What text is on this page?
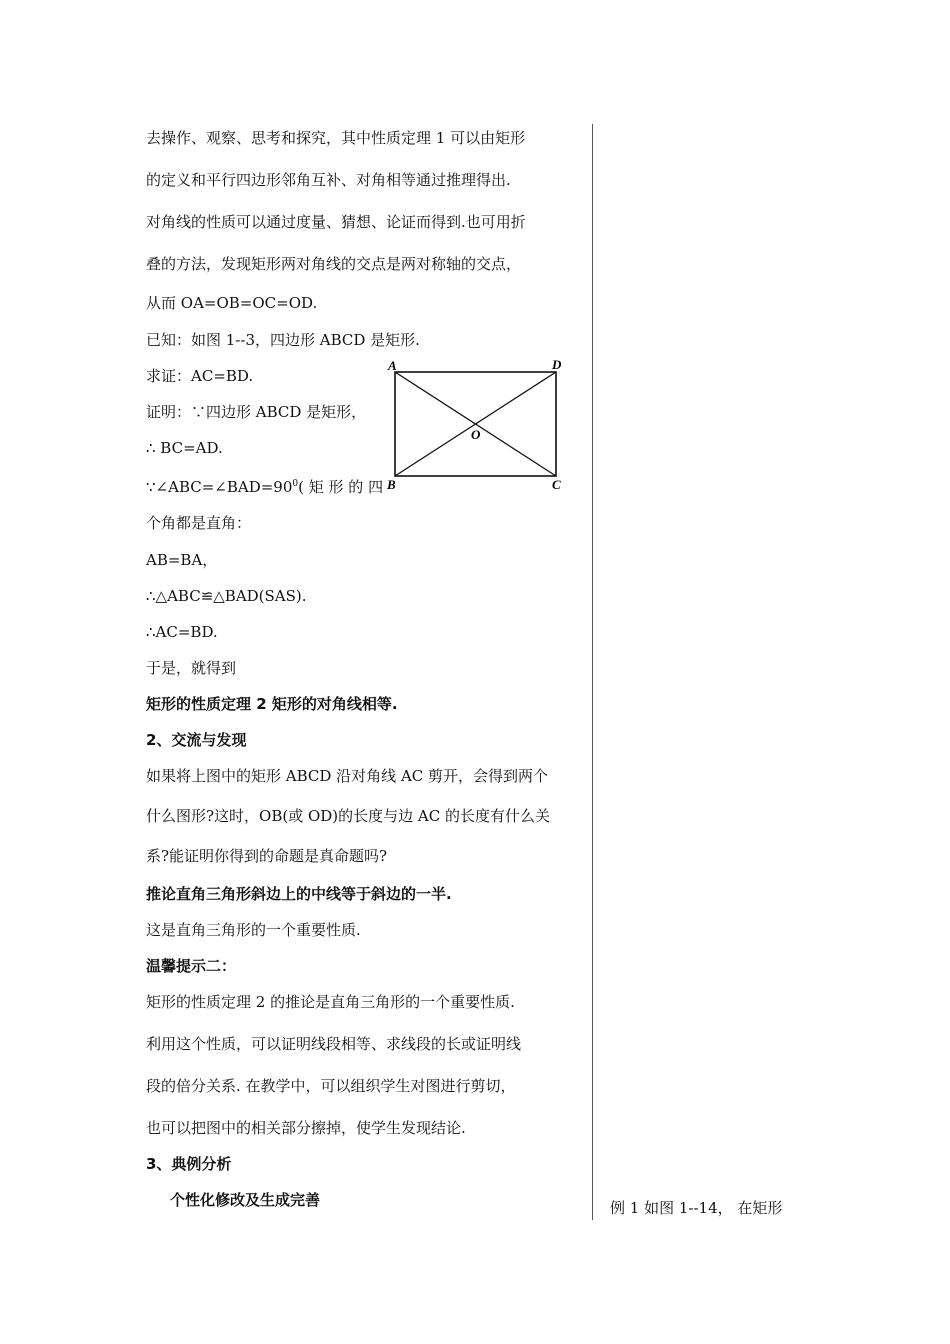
去操作、观察、思考和探究，其中性质定理 1 可以由矩形
的定义和平行四边形邻角互补、对角相等通过推理得出.
对角线的性质可以通过度量、猜想、论证而得到.也可用折
叠的方法，发现矩形两对角线的交点是两对称轴的交点，
从而 OA=OB=OC=OD.
已知：如图 1--3，四边形 ABCD 是矩形.
求证：AC=BD.
证明：∵四边形 ABCD 是矩形，
∴ BC=AD.
$\because\angle ABC=\angle BAD=90^0$( 矩 形 的 四
个角都是直角：
AB=BA，
∴△ABC≌△BAD(SAS).
∴AC=BD.
于是，就得到
矩形的性质定理 2 矩形的对角线相等.
2、交流与发现
如果将上图中的矩形 ABCD 沿对角线 AC 剪开，会得到两个
什么图形?这时，OB(或 OD)的长度与边 AC 的长度有什么关
系?能证明你得到的命题是真命题吗?
推论直角三角形斜边上的中线等于斜边的一半.
这是直角三角形的一个重要性质.
温馨提示二：
矩形的性质定理 2 的推论是直角三角形的一个重要性质.
利用这个性质，可以证明线段相等、求线段的长或证明线
段的倍分关系. 在教学中，可以组织学生对图进行剪切，
也可以把图中的相关部分擦掉，使学生发现结论.
3、典例分析
个性化修改及生成完善	例 1 如图 1--14， 在矩形
A	D
B	C
O
